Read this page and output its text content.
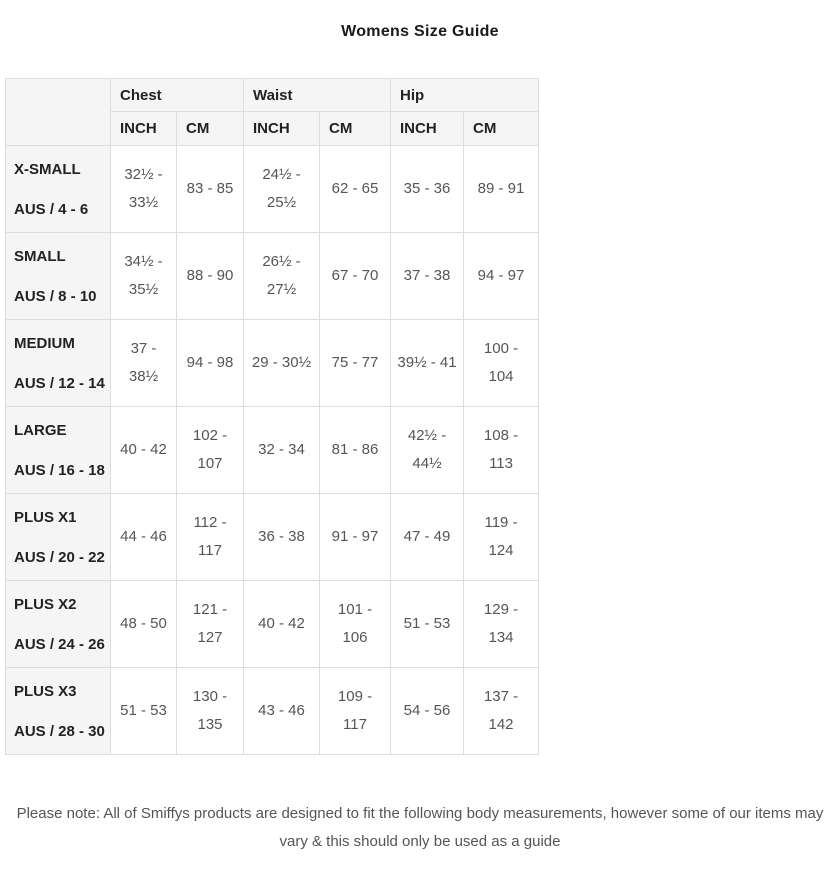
Womens Size Guide
	Chest		Waist		Hip	
	INCH	CM	INCH	CM	INCH	CM

X-SMALL
AUS / 4 - 6	32½ - 33½	83 - 85	24½ - 25½	62 - 65	35 - 36	89 - 91

SMALL
AUS / 8 - 10	34½ - 35½	88 - 90	26½ - 27½	67 - 70	37 - 38	94 - 97

MEDIUM
AUS / 12 - 14	37 - 38½	94 - 98	29 - 30½	75 - 77	39½ - 41	100 - 104

LARGE
AUS / 16 - 18	40 - 42	102 - 107	32 - 34	81 - 86	42½ - 44½	108 - 113

PLUS X1
AUS / 20 - 22	44 - 46	112 - 117	36 - 38	91 - 97	47 - 49	119 - 124

PLUS X2
AUS / 24 - 26	48 - 50	121 - 127	40 - 42	101 - 106	51 - 53	129 - 134

PLUS X3
AUS / 28 - 30	51 - 53	130 - 135	43 - 46	109 - 117	54 - 56	137 - 142

Please note: All of Smiffys products are designed to fit the following body measurements, however some of our items may vary & this should only be used as a guide
